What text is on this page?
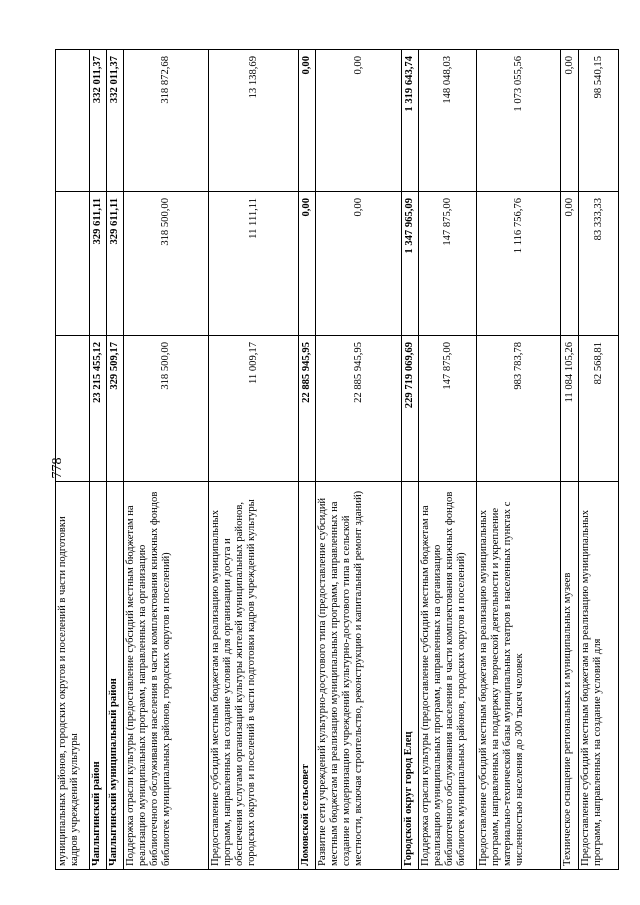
778
муниципальных районов, городских округов и поселений в части подготовки кадров учреждений культуры			
Чаплыгинский район	23 215 455,12	329 611,11	332 011,37
Чаплыгинский муниципальный район	329 509,17	329 611,11	332 011,37
Поддержка отрасли культуры (предоставление субсидий местным бюджетам на реализацию муниципальных программ, направленных на организацию библиотечного обслуживания населения в части комплектования книжных фондов библиотек муниципальных районов, городских округов и поселений)	318 500,00	318 500,00	318 872,68
Предоставление субсидий местным бюджетам на реализацию муниципальных программ, направленных на создание условий для организации досуга и обеспечения услугами организаций культуры жителей муниципальных районов, городских округов и поселений в части подготовки кадров учреждений культуры	11 009,17	11 111,11	13 138,69
Ломовской сельсовет	22 885 945,95	0,00	0,00
Развитие сети учреждений культурно-досугового типа (предоставление субсидий местным бюджетам на реализацию муниципальных программ, направленных на создание и модернизацию учреждений культурно-досугового типа в сельской местности, включая строительство, реконструкцию и капитальный ремонт зданий)	22 885 945,95	0,00	0,00
Городской округ город Елец	229 719 069,69	1 347 965,09	1 319 643,74
Поддержка отрасли культуры (предоставление субсидий местным бюджетам на реализацию муниципальных программ, направленных на организацию библиотечного обслуживания населения в части комплектования книжных фондов библиотек муниципальных районов, городских округов и поселений)	147 875,00	147 875,00	148 048,03
Предоставление субсидий местным бюджетам на реализацию муниципальных программ, направленных на поддержку творческой деятельности и укрепление материально-технической базы муниципальных театров в населенных пунктах с численностью населения до 300 тысяч человек	983 783,78	1 116 756,76	1 073 055,56
Техническое оснащение региональных и муниципальных музеев	11 084 105,26	0,00	0,00
Предоставление субсидий местным бюджетам на реализацию муниципальных программ, направленных на создание условий для	82 568,81	83 333,33	98 540,15
